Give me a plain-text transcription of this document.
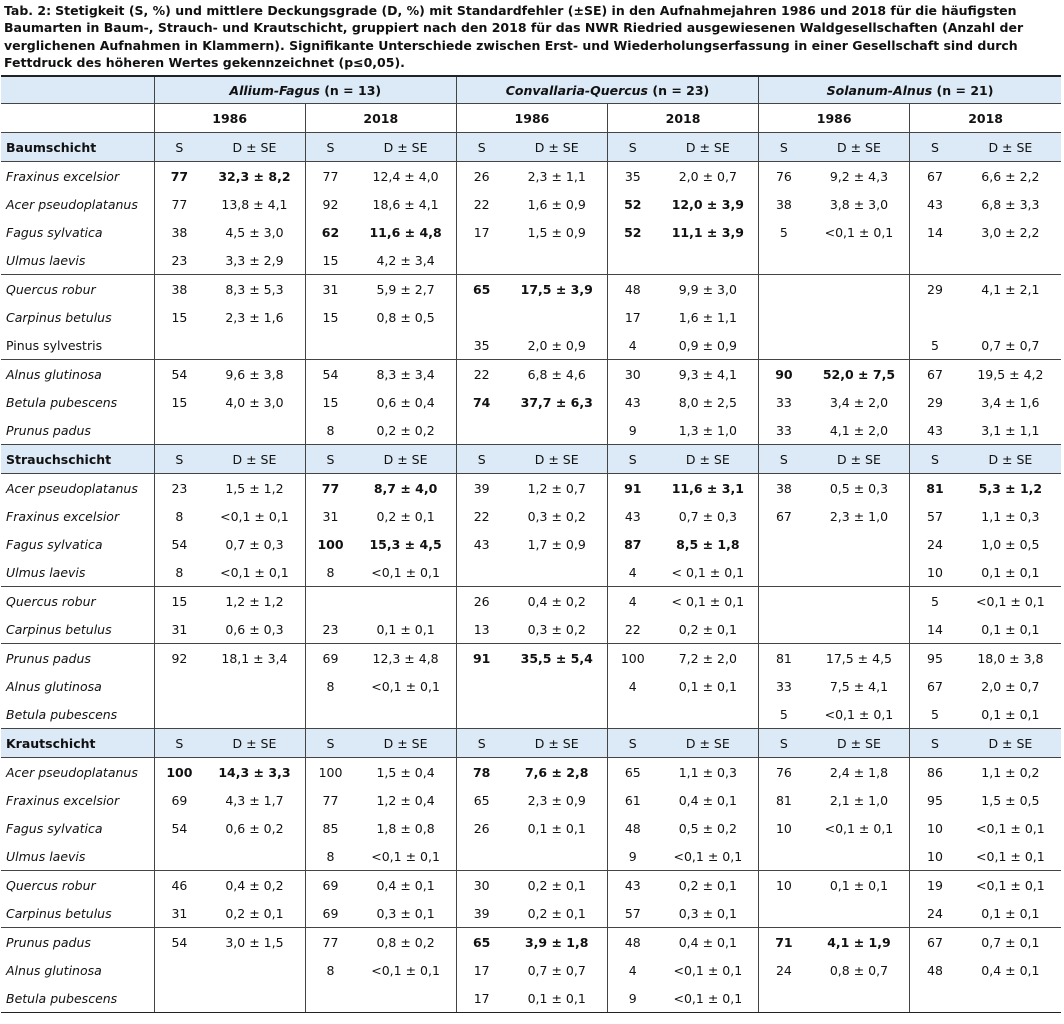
Tab. 2: Stetigkeit (S, %) und mittlere Deckungsgrade (D, %) mit Standardfehler (±SE) in den Aufnahmejahren 1986 und 2018 für die häufigsten Baumarten in Baum-, Strauch- und Krautschicht, gruppiert nach den 2018 für das NWR Riedried ausgewiesenen Waldgesellschaften (Anzahl der verglichenen Aufnahmen in Klammern). Signifikante Unterschiede zwischen Erst- und Wiederholungserfassung in einer Gesellschaft sind durch Fettdruck des höheren Wertes gekennzeichnet (p≤0,05).
	Allium-Fagus (n = 13)				Convallaria-Quercus (n = 23)				Solanum-Alnus (n = 21)			
	1986		2018		1986		2018		1986		2018	
Baumschicht	S	D ± SE	S	D ± SE	S	D ± SE	S	D ± SE	S	D ± SE	S	D ± SE
Fraxinus excelsior	77	32,3 ± 8,2	77	12,4 ± 4,0	26	2,3 ± 1,1	35	2,0 ± 0,7	76	9,2 ± 4,3	67	6,6 ± 2,2
Acer pseudoplatanus	77	13,8 ± 4,1	92	18,6 ± 4,1	22	1,6 ± 0,9	52	12,0 ± 3,9	38	3,8 ± 3,0	43	6,8 ± 3,3
Fagus sylvatica	38	4,5 ± 3,0	62	11,6 ± 4,8	17	1,5 ± 0,9	52	11,1 ± 3,9	5	<0,1 ± 0,1	14	3,0 ± 2,2
Ulmus laevis	23	3,3 ± 2,9	15	4,2 ± 3,4								
Quercus robur	38	8,3 ± 5,3	31	5,9 ± 2,7	65	17,5 ± 3,9	48	9,9 ± 3,0			29	4,1 ± 2,1
Carpinus betulus	15	2,3 ± 1,6	15	0,8 ± 0,5			17	1,6 ± 1,1				
Pinus sylvestris					35	2,0 ± 0,9	4	0,9 ± 0,9			5	0,7 ± 0,7
Alnus glutinosa	54	9,6 ± 3,8	54	8,3 ± 3,4	22	6,8 ± 4,6	30	9,3 ± 4,1	90	52,0 ± 7,5	67	19,5 ± 4,2
Betula pubescens	15	4,0 ± 3,0	15	0,6 ± 0,4	74	37,7 ± 6,3	43	8,0 ± 2,5	33	3,4 ± 2,0	29	3,4 ± 1,6
Prunus padus			8	0,2 ± 0,2			9	1,3 ± 1,0	33	4,1 ± 2,0	43	3,1 ± 1,1
Strauchschicht	S	D ± SE	S	D ± SE	S	D ± SE	S	D ± SE	S	D ± SE	S	D ± SE
Acer pseudoplatanus	23	1,5 ± 1,2	77	8,7 ± 4,0	39	1,2 ± 0,7	91	11,6 ± 3,1	38	0,5 ± 0,3	81	5,3 ± 1,2
Fraxinus excelsior	8	<0,1 ± 0,1	31	0,2 ± 0,1	22	0,3 ± 0,2	43	0,7 ± 0,3	67	2,3 ± 1,0	57	1,1 ± 0,3
Fagus sylvatica	54	0,7 ± 0,3	100	15,3 ± 4,5	43	1,7 ± 0,9	87	8,5 ± 1,8			24	1,0 ± 0,5
Ulmus laevis	8	<0,1 ± 0,1	8	<0,1 ± 0,1			4	< 0,1 ± 0,1			10	0,1 ± 0,1
Quercus robur	15	1,2 ± 1,2			26	0,4 ± 0,2	4	< 0,1 ± 0,1			5	<0,1 ± 0,1
Carpinus betulus	31	0,6 ± 0,3	23	0,1 ± 0,1	13	0,3 ± 0,2	22	0,2 ± 0,1			14	0,1 ± 0,1
Prunus padus	92	18,1 ± 3,4	69	12,3 ± 4,8	91	35,5 ± 5,4	100	7,2 ± 2,0	81	17,5 ± 4,5	95	18,0 ± 3,8
Alnus glutinosa			8	<0,1 ± 0,1			4	0,1 ± 0,1	33	7,5 ± 4,1	67	2,0 ± 0,7
Betula pubescens									5	<0,1 ± 0,1	5	0,1 ± 0,1
Krautschicht	S	D ± SE	S	D ± SE	S	D ± SE	S	D ± SE	S	D ± SE	S	D ± SE
Acer pseudoplatanus	100	14,3 ± 3,3	100	1,5 ± 0,4	78	7,6 ± 2,8	65	1,1 ± 0,3	76	2,4 ± 1,8	86	1,1 ± 0,2
Fraxinus excelsior	69	4,3 ± 1,7	77	1,2 ± 0,4	65	2,3 ± 0,9	61	0,4 ± 0,1	81	2,1 ± 1,0	95	1,5 ± 0,5
Fagus sylvatica	54	0,6 ± 0,2	85	1,8 ± 0,8	26	0,1 ± 0,1	48	0,5 ± 0,2	10	<0,1 ± 0,1	10	<0,1 ± 0,1
Ulmus laevis			8	<0,1 ± 0,1			9	<0,1 ± 0,1			10	<0,1 ± 0,1
Quercus robur	46	0,4 ± 0,2	69	0,4 ± 0,1	30	0,2 ± 0,1	43	0,2 ± 0,1	10	0,1 ± 0,1	19	<0,1 ± 0,1
Carpinus betulus	31	0,2 ± 0,1	69	0,3 ± 0,1	39	0,2 ± 0,1	57	0,3 ± 0,1			24	0,1 ± 0,1
Prunus padus	54	3,0 ± 1,5	77	0,8 ± 0,2	65	3,9 ± 1,8	48	0,4 ± 0,1	71	4,1 ± 1,9	67	0,7 ± 0,1
Alnus glutinosa			8	<0,1 ± 0,1	17	0,7 ± 0,7	4	<0,1 ± 0,1	24	0,8 ± 0,7	48	0,4 ± 0,1
Betula pubescens					17	0,1 ± 0,1	9	<0,1 ± 0,1				
